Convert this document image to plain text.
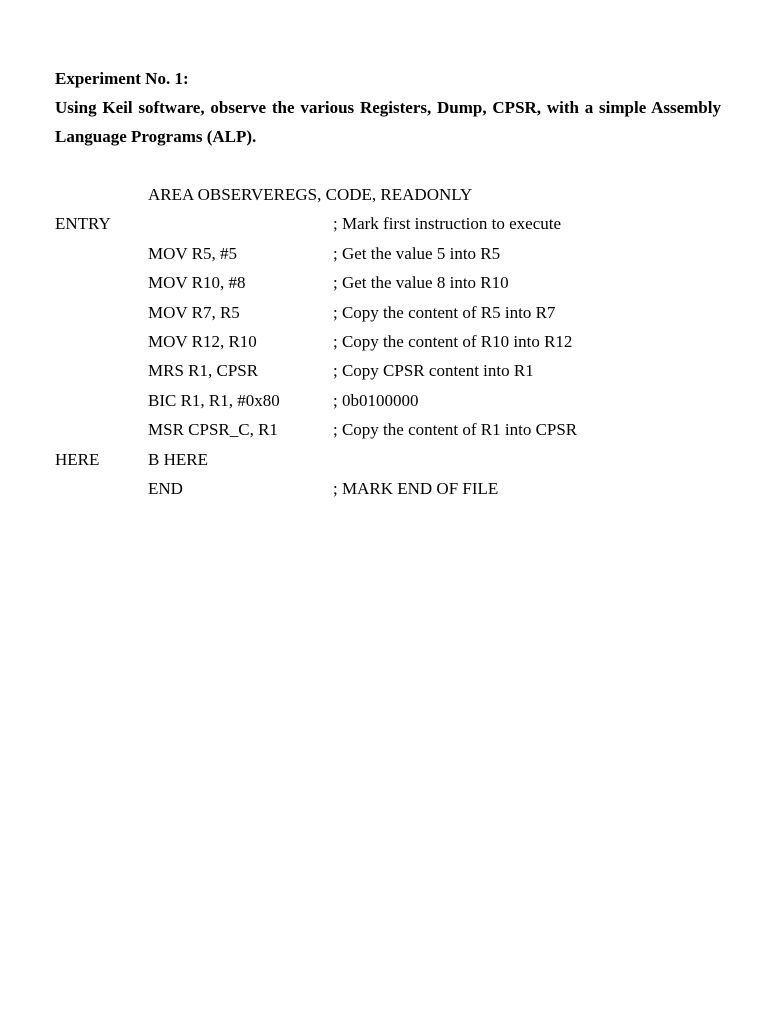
Experiment No. 1:
Using Keil software, observe the various Registers, Dump, CPSR, with a simple Assembly Language Programs (ALP).
AREA OBSERVEREGS, CODE, READONLY
ENTRY	; Mark first instruction to execute
MOV R5, #5	; Get the value 5 into R5
MOV R10, #8	; Get the value 8 into R10
MOV R7, R5	; Copy the content of R5 into R7
MOV R12, R10	; Copy the content of R10 into R12
MRS R1, CPSR	; Copy CPSR content into R1
BIC R1, R1, #0x80	; 0b0100000
MSR CPSR_C, R1	; Copy the content of R1 into CPSR
HERE	B HERE
END	; MARK END OF FILE
